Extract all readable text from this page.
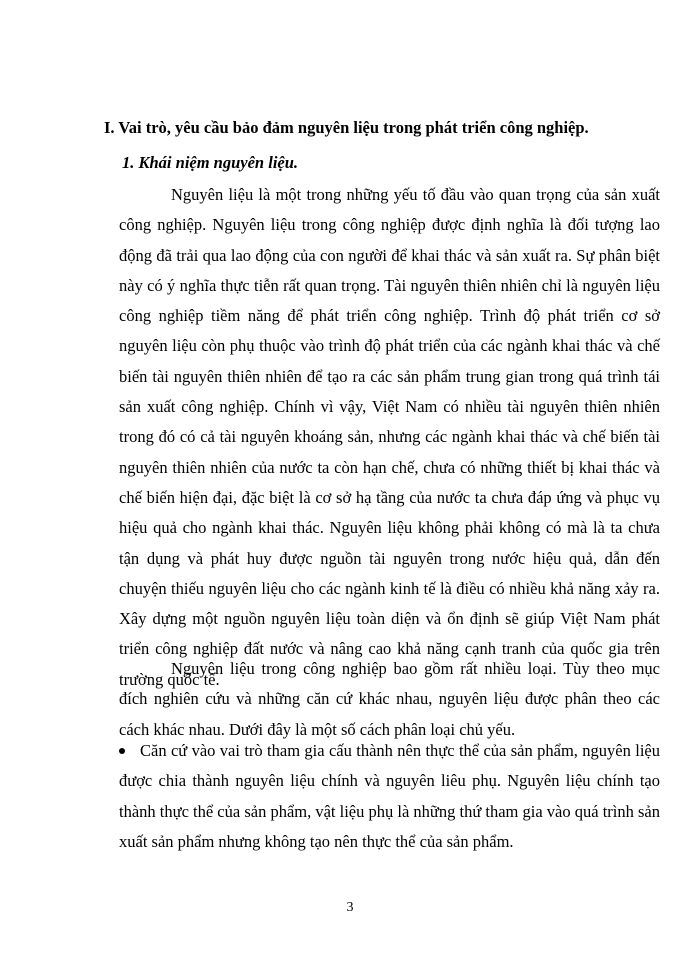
I. Vai trò, yêu cầu bảo đảm nguyên liệu trong phát triển công nghiệp.

1. Khái niệm nguyên liệu.

Nguyên liệu là một trong những yếu tố đầu vào quan trọng của sản xuất công nghiệp. Nguyên liệu trong công nghiệp được định nghĩa là đối tượng lao động đã trải qua lao động của con người để khai thác và sản xuất ra. Sự phân biệt này có ý nghĩa thực tiễn rất quan trọng. Tài nguyên thiên nhiên chỉ là nguyên liệu công nghiệp tiềm năng để phát triển công nghiệp. Trình độ phát triển cơ sở nguyên liệu còn phụ thuộc vào trình độ phát triển của các ngành khai thác và chế biến tài nguyên thiên nhiên để tạo ra các sản phẩm trung gian trong quá trình tái sản xuất công nghiệp. Chính vì vậy, Việt Nam có nhiều tài nguyên thiên nhiên trong đó có cả tài nguyên khoáng sản, nhưng các ngành khai thác và chế biến tài nguyên thiên nhiên của nước ta còn hạn chế, chưa có những thiết bị khai thác và chế biến hiện đại, đặc biệt là cơ sở hạ tầng của nước ta chưa đáp ứng và phục vụ hiệu quả cho ngành khai thác. Nguyên liệu không phải không có mà là ta chưa tận dụng và phát huy được nguồn tài nguyên trong nước hiệu quả, dẫn đến chuyện thiếu nguyên liệu cho các ngành kinh tế là điều có nhiều khả năng xảy ra. Xây dựng một nguồn nguyên liệu toàn diện và ổn định sẽ giúp Việt Nam phát triển công nghiệp đất nước và nâng cao khả năng cạnh tranh của quốc gia trên trường quốc tế.

Nguyên liệu trong công nghiệp bao gồm rất nhiều loại. Tùy theo mục đích nghiên cứu và những căn cứ khác nhau, nguyên liệu được phân theo các cách khác nhau. Dưới đây là một số cách phân loại chủ yếu.

Căn cứ vào vai trò tham gia cấu thành nên thực thể của sản phẩm, nguyên liệu được chia thành nguyên liệu chính và nguyên liêu phụ. Nguyên liệu chính tạo thành thực thể của sản phẩm, vật liệu phụ là những thứ tham gia vào quá trình sản xuất sản phẩm nhưng không tạo nên thực thể của sản phẩm.

3
